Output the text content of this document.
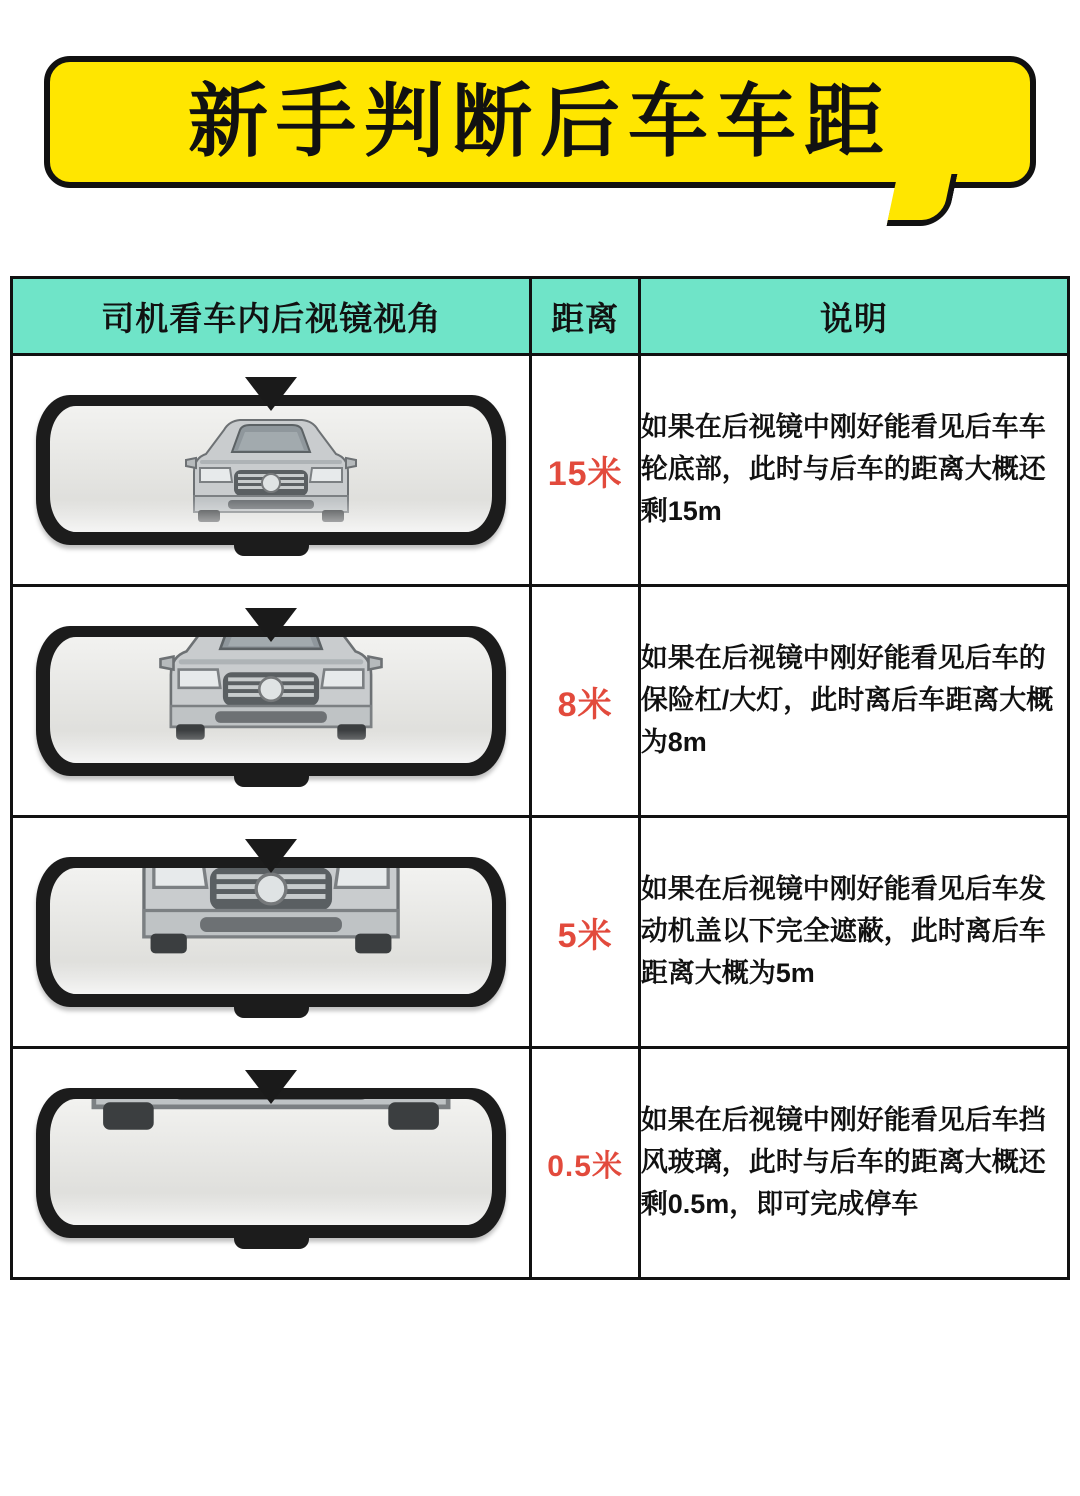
新手判断后车车距
司机看车内后视镜视角	距离	说明

	15米	如果在后视镜中刚好能看见后车车轮底部，此时与后车的距离大概还剩15m

	8米	如果在后视镜中刚好能看见后车的保险杠/大灯，此时离后车距离大概为8m

	5米	如果在后视镜中刚好能看见后车发动机盖以下完全遮蔽，此时离后车距离大概为5m

	0.5米	如果在后视镜中刚好能看见后车挡风玻璃，此时与后车的距离大概还剩0.5m，即可完成停车
